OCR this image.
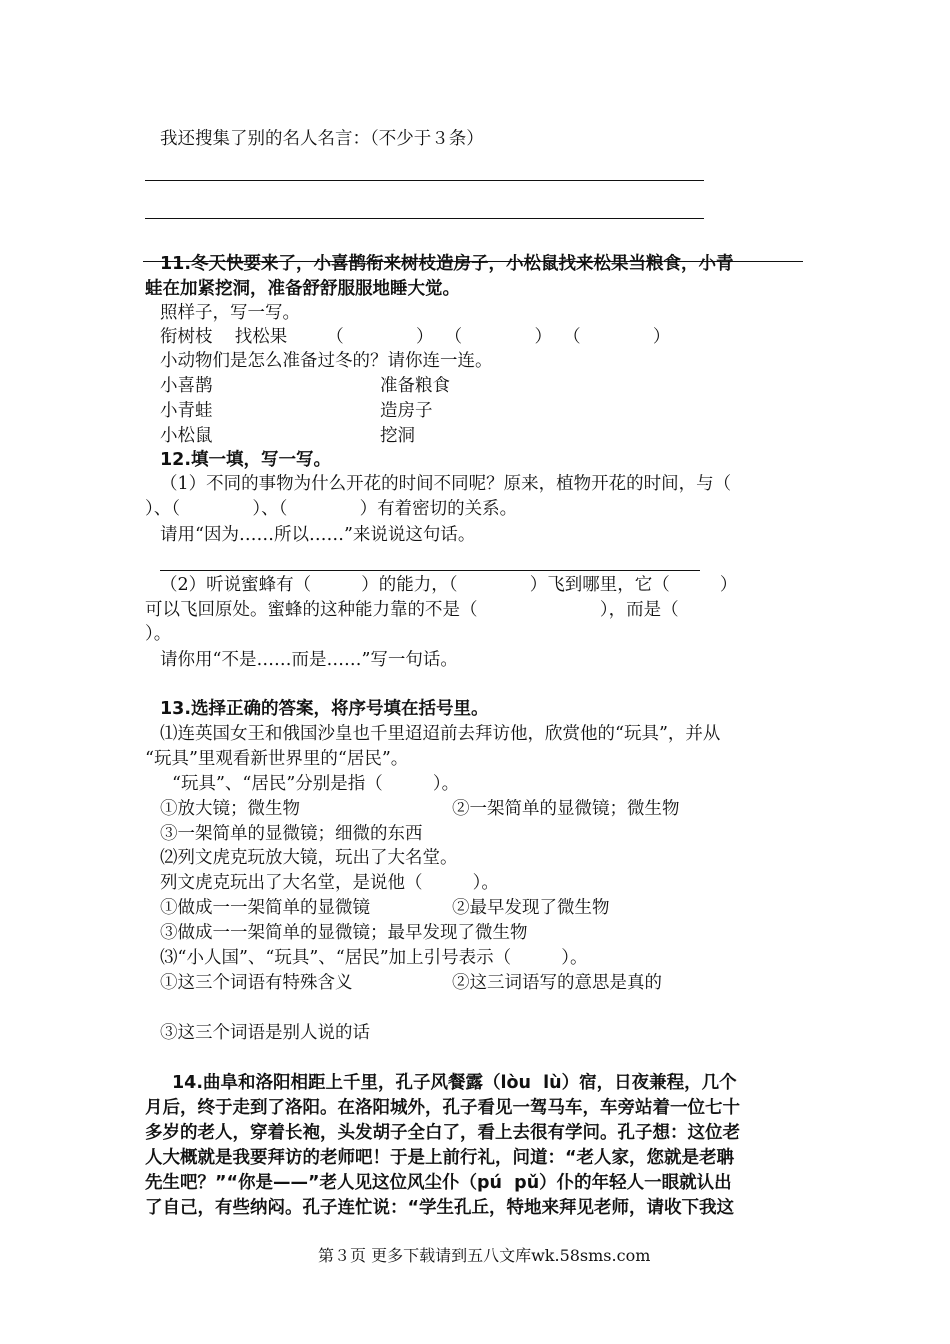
我还搜集了别的名人名言：（不少于３条）
11.冬天快要来了，小喜鹊衔来树枝造房子，小松鼠找来松果当粮食，小青
蛙在加紧挖洞，准备舒舒服服地睡大觉。
照样子，写一写。
衔树枝    找松果       （             ）  （             ）  （             ）
小动物们是怎么准备过冬的？请你连一连。
小喜鹊	准备粮食
小青蛙	造房子
小松鼠	挖洞
12.填一填，写一写。
（1）不同的事物为什么开花的时间不同呢？原来，植物开花的时间，与（
）、（             ）、（             ）有着密切的关系。
请用“因为……所以……”来说说这句话。
（2）听说蜜蜂有（         ）的能力，（             ）飞到哪里，它（         ）
可以飞回原处。蜜蜂的这种能力靠的不是（                      ），而是（
）。
请你用“不是……而是……”写一句话。
13.选择正确的答案，将序号填在括号里。
⑴连英国女王和俄国沙皇也千里迢迢前去拜访他，欣赏他的“玩具”，并从
“玩具”里观看新世界里的“居民”。
“玩具”、“居民”分别是指（         ）。
①放大镜；微生物	②一架简单的显微镜；微生物
③一架简单的显微镜；细微的东西
⑵列文虎克玩放大镜，玩出了大名堂。
列文虎克玩出了大名堂，是说他（         ）。
①做成一一架简单的显微镜	②最早发现了微生物
③做成一一架简单的显微镜；最早发现了微生物
⑶“小人国”、“玩具”、“居民”加上引号表示（         ）。
①这三个词语有特殊含义	②这三词语写的意思是真的
③这三个词语是别人说的话
14.曲阜和洛阳相距上千里，孔子风餐露（lòu  lù）宿，日夜兼程，几个
月后，终于走到了洛阳。在洛阳城外，孔子看见一驾马车，车旁站着一位七十
多岁的老人，穿着长袍，头发胡子全白了，看上去很有学问。孔子想：这位老
人大概就是我要拜访的老师吧！于是上前行礼，问道：“老人家，您就是老聃
先生吧？”“你是——”老人见这位风尘仆（pú  pǔ）仆的年轻人一眼就认出
了自己，有些纳闷。孔子连忙说：“学生孔丘，特地来拜见老师，请收下我这
第３页 更多下载请到五八文库wk.58sms.com
